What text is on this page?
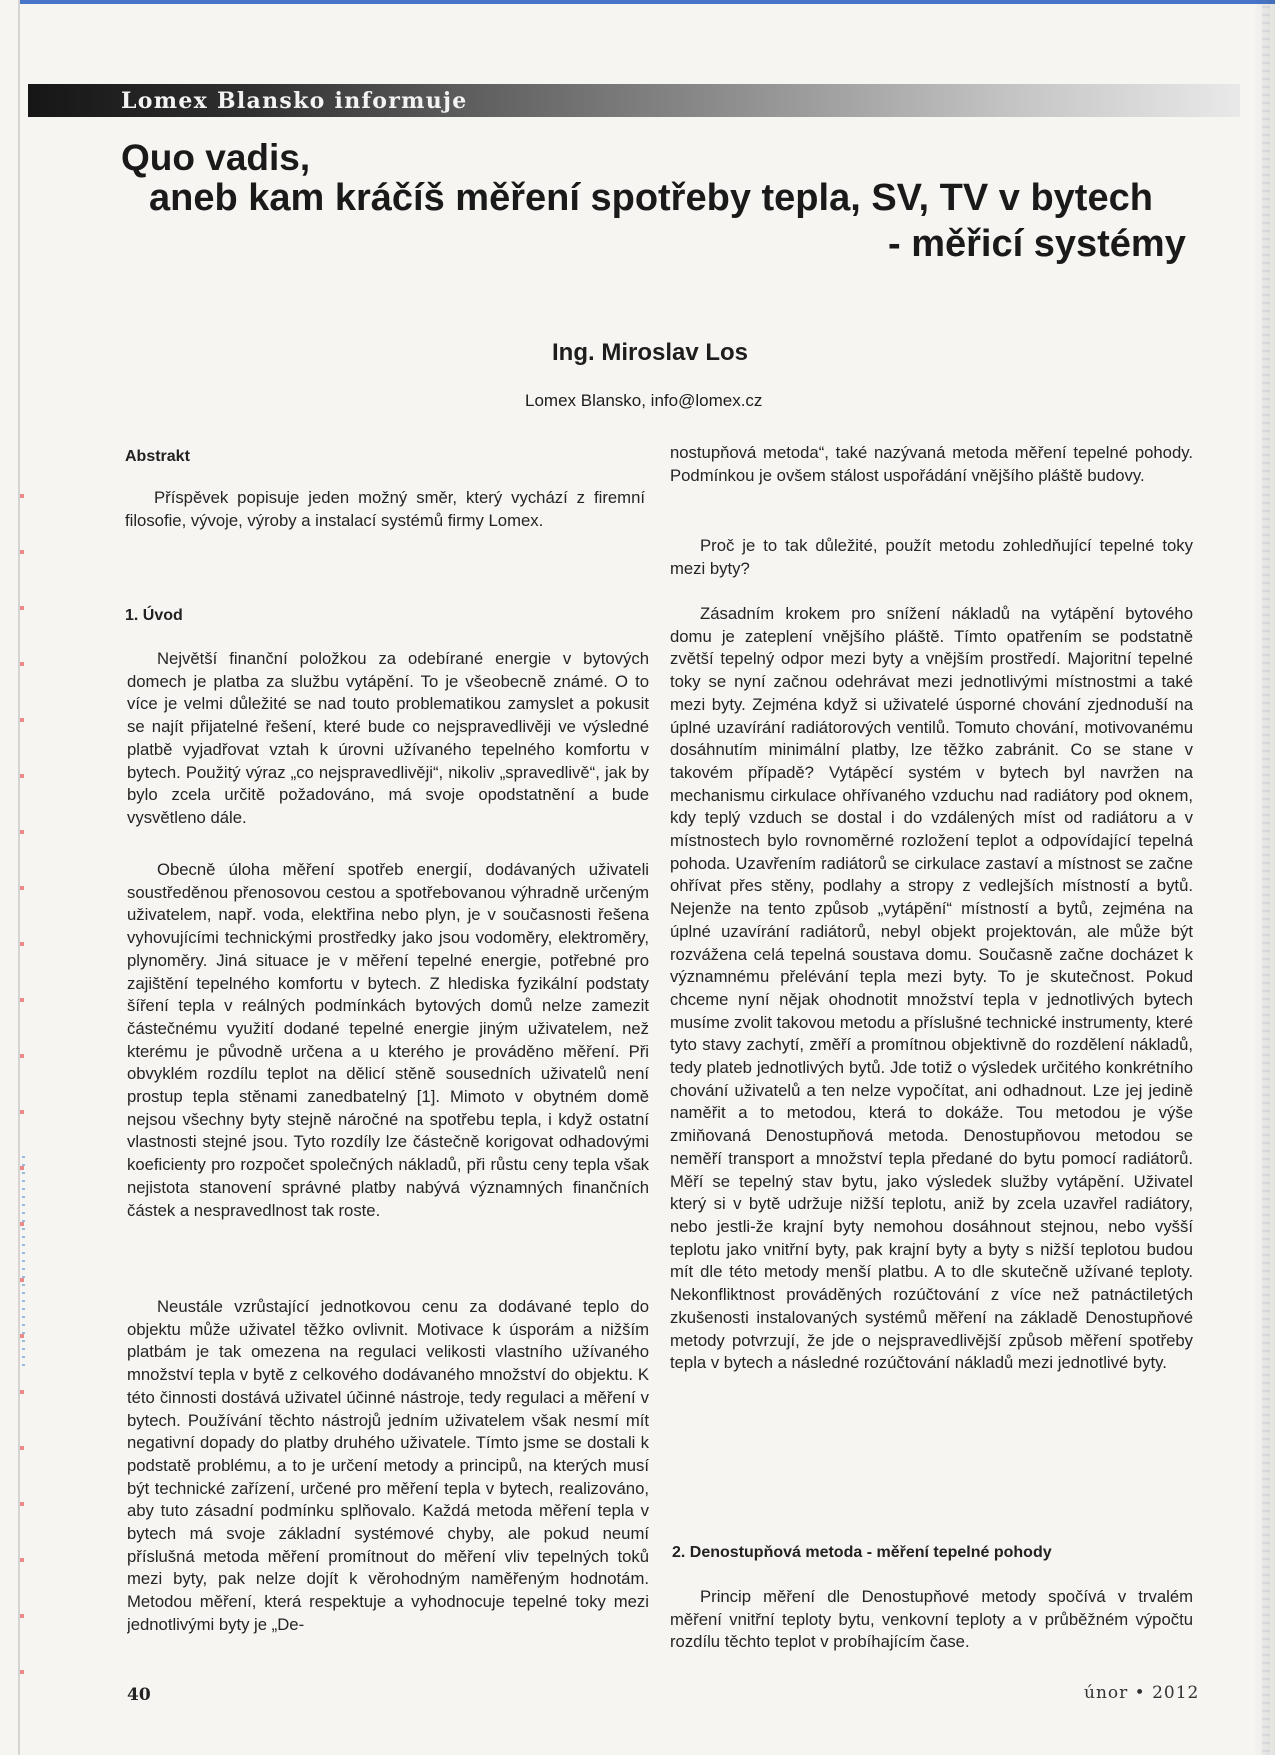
Lomex Blansko informuje
Quo vadis,
aneb kam kráčíš měření spotřeby tepla, SV, TV v bytech
- měřicí systémy
Ing. Miroslav Los
Lomex Blansko, info@lomex.cz
Abstrakt
Příspěvek popisuje jeden možný směr, který vychází z firemní filosofie, vývoje, výroby a instalací systémů firmy Lomex.
1. Úvod
Největší finanční položkou za odebírané energie v bytových domech je platba za službu vytápění. To je všeobecně známé. O to více je velmi důležité se nad touto problematikou zamyslet a pokusit se najít přijatelné řešení, které bude co nejspravedlivěji ve výsledné platbě vyjadřovat vztah k úrovni užívaného tepelného komfortu v bytech. Použitý výraz „co nejspravedlivěji“, nikoliv „spravedlivě“, jak by bylo zcela určitě požadováno, má svoje opodstatnění a bude vysvětleno dále.
Obecně úloha měření spotřeb energií, dodávaných uživateli soustředěnou přenosovou cestou a spotřebovanou výhradně určeným uživatelem, např. voda, elektřina nebo plyn, je v současnosti řešena vyhovujícími technickými prostředky jako jsou vodoměry, elektroměry, plynoměry. Jiná situace je v měření tepelné energie, potřebné pro zajištění tepelného komfortu v bytech. Z hlediska fyzikální podstaty šíření tepla v reálných podmínkách bytových domů nelze zamezit částečnému využití dodané tepelné energie jiným uživatelem, než kterému je původně určena a u kterého je prováděno měření. Při obvyklém rozdílu teplot na dělicí stěně sousedních uživatelů není prostup tepla stěnami zanedbatelný [1]. Mimoto v obytném domě nejsou všechny byty stejně náročné na spotřebu tepla, i když ostatní vlastnosti stejné jsou. Tyto rozdíly lze částečně korigovat odhadovými koeficienty pro rozpočet společných nákladů, při růstu ceny tepla však nejistota stanovení správné platby nabývá významných finančních částek a nespravedlnost tak roste.
Neustále vzrůstající jednotkovou cenu za dodávané teplo do objektu může uživatel těžko ovlivnit. Motivace k úsporám a nižším platbám je tak omezena na regulaci velikosti vlastního užívaného množství tepla v bytě z celkového dodávaného množství do objektu. K této činnosti dostává uživatel účinné nástroje, tedy regulaci a měření v bytech. Používání těchto nástrojů jedním uživatelem však nesmí mít negativní dopady do platby druhého uživatele. Tímto jsme se dostali k podstatě problému, a to je určení metody a principů, na kterých musí být technické zařízení, určené pro měření tepla v bytech, realizováno, aby tuto zásadní podmínku splňovalo. Každá metoda měření tepla v bytech má svoje základní systémové chyby, ale pokud neumí příslušná metoda měření promítnout do měření vliv tepelných toků mezi byty, pak nelze dojít k věrohodným naměřeným hodnotám. Metodou měření, která respektuje a vyhodnocuje tepelné toky mezi jednotlivými byty je „De-
nostupňová metoda“, také nazývaná metoda měření tepelné pohody. Podmínkou je ovšem stálost uspořádání vnějšího pláště budovy.
Proč je to tak důležité, použít metodu zohledňující tepelné toky mezi byty?
Zásadním krokem pro snížení nákladů na vytápění bytového domu je zateplení vnějšího pláště. Tímto opatřením se podstatně zvětší tepelný odpor mezi byty a vnějším prostředí. Majoritní tepelné toky se nyní začnou odehrávat mezi jednotlivými místnostmi a také mezi byty. Zejména když si uživatelé úsporné chování zjednoduší na úplné uzavírání radiátorových ventilů. Tomuto chování, motivovanému dosáhnutím minimální platby, lze těžko zabránit. Co se stane v takovém případě? Vytápěcí systém v bytech byl navržen na mechanismu cirkulace ohřívaného vzduchu nad radiátory pod oknem, kdy teplý vzduch se dostal i do vzdálených míst od radiátoru a v místnostech bylo rovnoměrné rozložení teplot a odpovídající tepelná pohoda. Uzavřením radiátorů se cirkulace zastaví a místnost se začne ohřívat přes stěny, podlahy a stropy z vedlejších místností a bytů. Nejenže na tento způsob „vytápění“ místností a bytů, zejména na úplné uzavírání radiátorů, nebyl objekt projektován, ale může být rozvážena celá tepelná soustava domu. Současně začne docházet k významnému přelévání tepla mezi byty. To je skutečnost. Pokud chceme nyní nějak ohodnotit množství tepla v jednotlivých bytech musíme zvolit takovou metodu a příslušné technické instrumenty, které tyto stavy zachytí, změří a promítnou objektivně do rozdělení nákladů, tedy plateb jednotlivých bytů. Jde totiž o výsledek určitého konkrétního chování uživatelů a ten nelze vypočítat, ani odhadnout. Lze jej jedině naměřit a to metodou, která to dokáže. Tou metodou je výše zmiňovaná Denostupňová metoda. Denostupňovou metodou se neměří transport a množství tepla předané do bytu pomocí radiátorů. Měří se tepelný stav bytu, jako výsledek služby vytápění. Uživatel který si v bytě udržuje nižší teplotu, aniž by zcela uzavřel radiátory, nebo jestli-že krajní byty nemohou dosáhnout stejnou, nebo vyšší teplotu jako vnitřní byty, pak krajní byty a byty s nižší teplotou budou mít dle této metody menší platbu. A to dle skutečně užívané teploty. Nekonfliktnost prováděných rozúčtování z více než patnáctiletých zkušenosti instalovaných systémů měření na základě Denostupňové metody potvrzují, že jde o nejspravedlivější způsob měření spotřeby tepla v bytech a následné rozúčtování nákladů mezi jednotlivé byty.
2. Denostupňová metoda - měření tepelné pohody
Princip měření dle Denostupňové metody spočívá v trvalém měření vnitřní teploty bytu, venkovní teploty a v průběžném výpočtu rozdílu těchto teplot v probíhajícím čase.
40	únor • 2012
